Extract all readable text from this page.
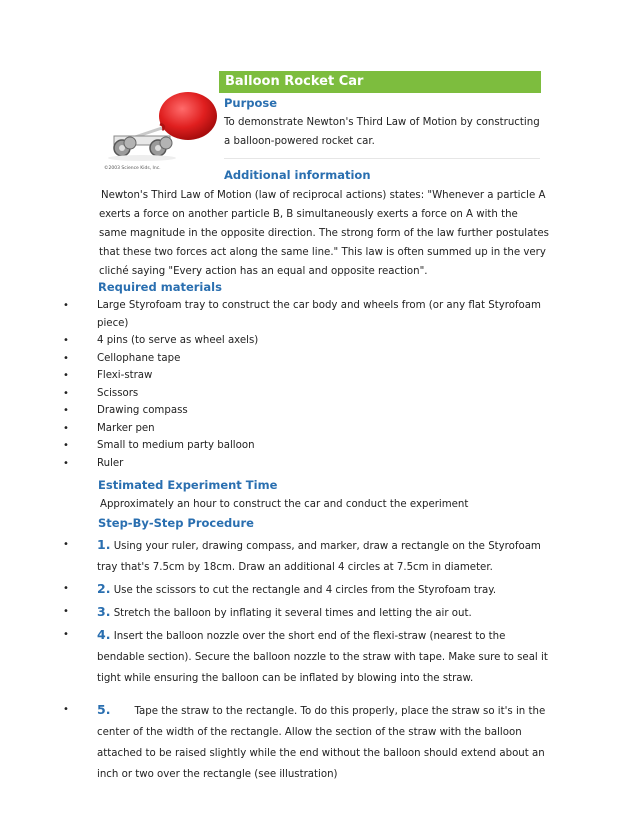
©2003 Science Kids, Inc.
Balloon Rocket Car
Purpose
To demonstrate Newton's Third Law of Motion by constructing
a balloon-powered rocket car.
Additional information
Newton's Third Law of Motion (law of reciprocal actions) states: "Whenever a particle A
exerts a force on another particle B, B simultaneously exerts a force on A with the
same magnitude in the opposite direction. The strong form of the law further postulates
that these two forces act along the same line." This law is often summed up in the very
cliché saying "Every action has an equal and opposite reaction".
Required materials
•	Large Styrofoam tray to construct the car body and wheels from (or any flat Styrofoam
piece)
•	4 pins (to serve as wheel axels)
•	Cellophane tape
•	Flexi-straw
•	Scissors
•	Drawing compass
•	Marker pen
•	Small to medium party balloon
•	Ruler
Estimated Experiment Time
Approximately an hour to construct the car and conduct the experiment
Step-By-Step Procedure
• 1. Using your ruler, drawing compass, and marker, draw a rectangle on the Styrofoam
tray that's 7.5cm by 18cm. Draw an additional 4 circles at 7.5cm in diameter.
• 2. Use the scissors to cut the rectangle and 4 circles from the Styrofoam tray.
• 3. Stretch the balloon by inflating it several times and letting the air out.
• 4. Insert the balloon nozzle over the short end of the flexi-straw (nearest to the
bendable section). Secure the balloon nozzle to the straw with tape. Make sure to seal it
tight while ensuring the balloon can be inflated by blowing into the straw.
• 5. Tape the straw to the rectangle. To do this properly, place the straw so it's in the
center of the width of the rectangle. Allow the section of the straw with the balloon
attached to be raised slightly while the end without the balloon should extend about an
inch or two over the rectangle (see illustration)
